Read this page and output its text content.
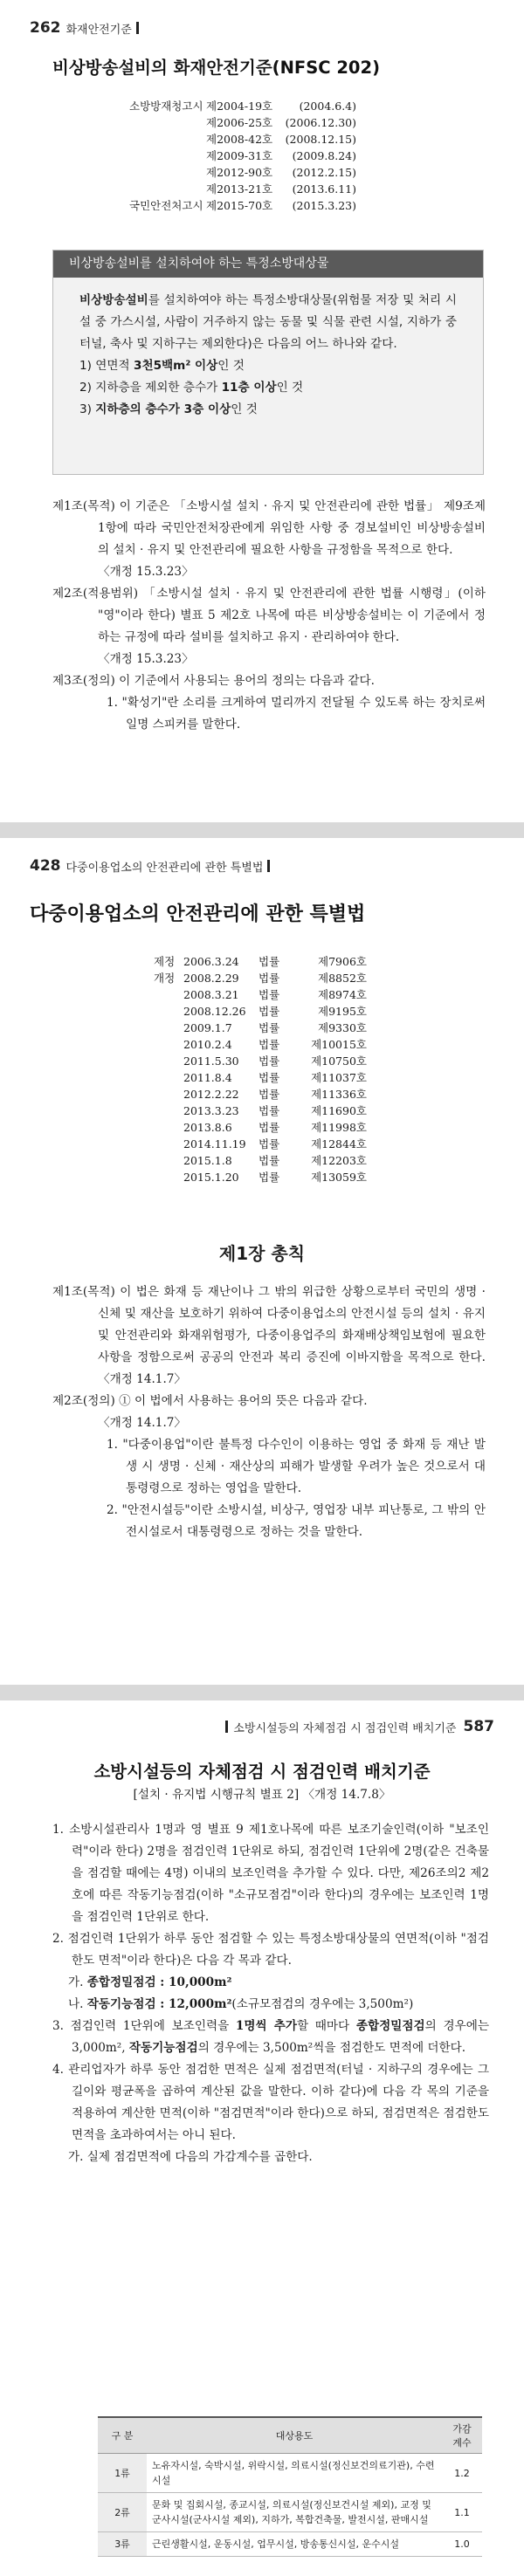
262 화재안전기준
비상방송설비의 화재안전기준(NFSC 202)
소방방재청고시 제2004-19호	(2004.6.4)
제2006-25호	(2006.12.30)
제2008-42호	(2008.12.15)
제2009-31호	(2009.8.24)
제2012-90호	(2012.2.15)
제2013-21호	(2013.6.11)
국민안전처고시 제2015-70호	(2015.3.23)
비상방송설비를 설치하여야 하는 특정소방대상물

비상방송설비를 설치하여야 하는 특정소방대상물(위험물 저장 및 처리 시설 중 가스시설, 사람이 거주하지 않는 동물 및 식물 관련 시설, 지하가 중 터널, 축사 및 지하구는 제외한다)은 다음의 어느 하나와 같다.

1) 연면적 3천5백m² 이상인 것

2) 지하층을 제외한 층수가 11층 이상인 것

3) 지하층의 층수가 3층 이상인 것

제1조(목적) 이 기준은 「소방시설 설치 · 유지 및 안전관리에 관한 법률」 제9조제1항에 따라 국민안전처장관에게 위임한 사항 중 경보설비인 비상방송설비의 설치 · 유지 및 안전관리에 필요한 사항을 규정함을 목적으로 한다.

〈개정 15.3.23〉

제2조(적용범위) 「소방시설 설치 · 유지 및 안전관리에 관한 법률 시행령」(이하 "영"이라 한다) 별표 5 제2호 나목에 따른 비상방송설비는 이 기준에서 정하는 규정에 따라 설비를 설치하고 유지 · 관리하여야 한다.

〈개정 15.3.23〉

제3조(정의) 이 기준에서 사용되는 용어의 정의는 다음과 같다.

1. "확성기"란 소리를 크게하여 멀리까지 전달될 수 있도록 하는 장치로써 일명 스피커를 말한다.

428 다중이용업소의 안전관리에 관한 특별법
다중이용업소의 안전관리에 관한 특별법
제정 2006.3.24	법률	제7906호
개정 2008.2.29	법률	제8852호
2008.3.21	법률	제8974호
2008.12.26	법률	제9195호
2009.1.7	법률	제9330호
2010.2.4	법률	제10015호
2011.5.30	법률	제10750호
2011.8.4	법률	제11037호
2012.2.22	법률	제11336호
2013.3.23	법률	제11690호
2013.8.6	법률	제11998호
2014.11.19	법률	제12844호
2015.1.8	법률	제12203호
2015.1.20	법률	제13059호
제1장 총칙

제1조(목적) 이 법은 화재 등 재난이나 그 밖의 위급한 상황으로부터 국민의 생명 · 신체 및 재산을 보호하기 위하여 다중이용업소의 안전시설 등의 설치 · 유지 및 안전관리와 화재위험평가, 다중이용업주의 화재배상책임보험에 필요한 사항을 정함으로써 공공의 안전과 복리 증진에 이바지함을 목적으로 한다. 〈개정 14.1.7〉

제2조(정의) ① 이 법에서 사용하는 용어의 뜻은 다음과 같다.

〈개정 14.1.7〉

1. "다중이용업"이란 불특정 다수인이 이용하는 영업 중 화재 등 재난 발생 시 생명 · 신체 · 재산상의 피해가 발생할 우려가 높은 것으로서 대통령령으로 정하는 영업을 말한다.

2. "안전시설등"이란 소방시설, 비상구, 영업장 내부 피난통로, 그 밖의 안전시설로서 대통령령으로 정하는 것을 말한다.

소방시설등의 자체점검 시 점검인력 배치기준 587
소방시설등의 자체점검 시 점검인력 배치기준
[설치 · 유지법 시행규칙 별표 2] 〈개정 14.7.8〉

1. 소방시설관리사 1명과 영 별표 9 제1호나목에 따른 보조기술인력(이하 "보조인력"이라 한다) 2명을 점검인력 1단위로 하되, 점검인력 1단위에 2명(같은 건축물을 점검할 때에는 4명) 이내의 보조인력을 추가할 수 있다. 다만, 제26조의2 제2호에 따른 작동기능점검(이하 "소규모점검"이라 한다)의 경우에는 보조인력 1명을 점검인력 1단위로 한다.

2. 점검인력 1단위가 하루 동안 점검할 수 있는 특정소방대상물의 연면적(이하 "점검한도 면적"이라 한다)은 다음 각 목과 같다.

가. 종합정밀점검 : 10,000m²

나. 작동기능점검 : 12,000m²(소규모점검의 경우에는 3,500m²)

3. 점검인력 1단위에 보조인력을 1명씩 추가할 때마다 종합정밀점검의 경우에는 3,000m², 작동기능점검의 경우에는 3,500m²씩을 점검한도 면적에 더한다.

4. 관리업자가 하루 동안 점검한 면적은 실제 점검면적(터널 · 지하구의 경우에는 그 길이와 평균폭을 곱하여 계산된 값을 말한다. 이하 같다)에 다음 각 목의 기준을 적용하여 계산한 면적(이하 "점검면적"이라 한다)으로 하되, 점검면적은 점검한도 면적을 초과하여서는 아니 된다.

가. 실제 점검면적에 다음의 가감계수를 곱한다.

구 분	대상용도	가감
계수
1류	노유자시설, 숙박시설, 위락시설, 의료시설(정신보건의료기관), 수련시설	1.2
2류	문화 및 집회시설, 종교시설, 의료시설(정신보건시설 제외), 교정 및 군사시설(군사시설 제외), 지하가, 복합건축물, 발전시설, 판매시설	1.1
3류	근린생활시설, 운동시설, 업무시설, 방송통신시설, 운수시설	1.0
